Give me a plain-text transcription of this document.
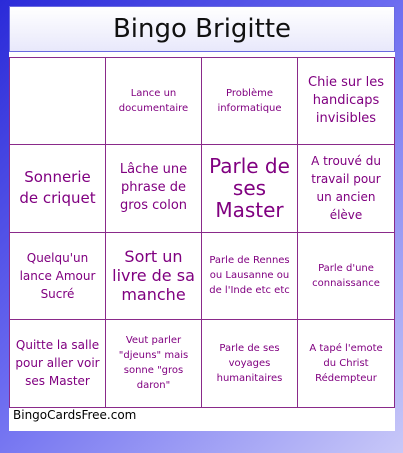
Bingo Brigitte
Lance un documentaire
Problème informatique
Chie sur les handicaps invisibles
Sonnerie de criquet
Lâche une phrase de gros colon
Parle de ses Master
A trouvé du travail pour un ancien élève
Quelqu'un lance Amour Sucré
Sort un livre de sa manche
Parle de Rennes ou Lausanne ou de l'Inde etc etc
Parle d'une connaissance
Quitte la salle pour aller voir ses Master
Veut parler "djeuns" mais sonne "gros daron"
Parle de ses voyages humanitaires
A tapé l'emote du Christ Rédempteur
BingoCardsFree.com
